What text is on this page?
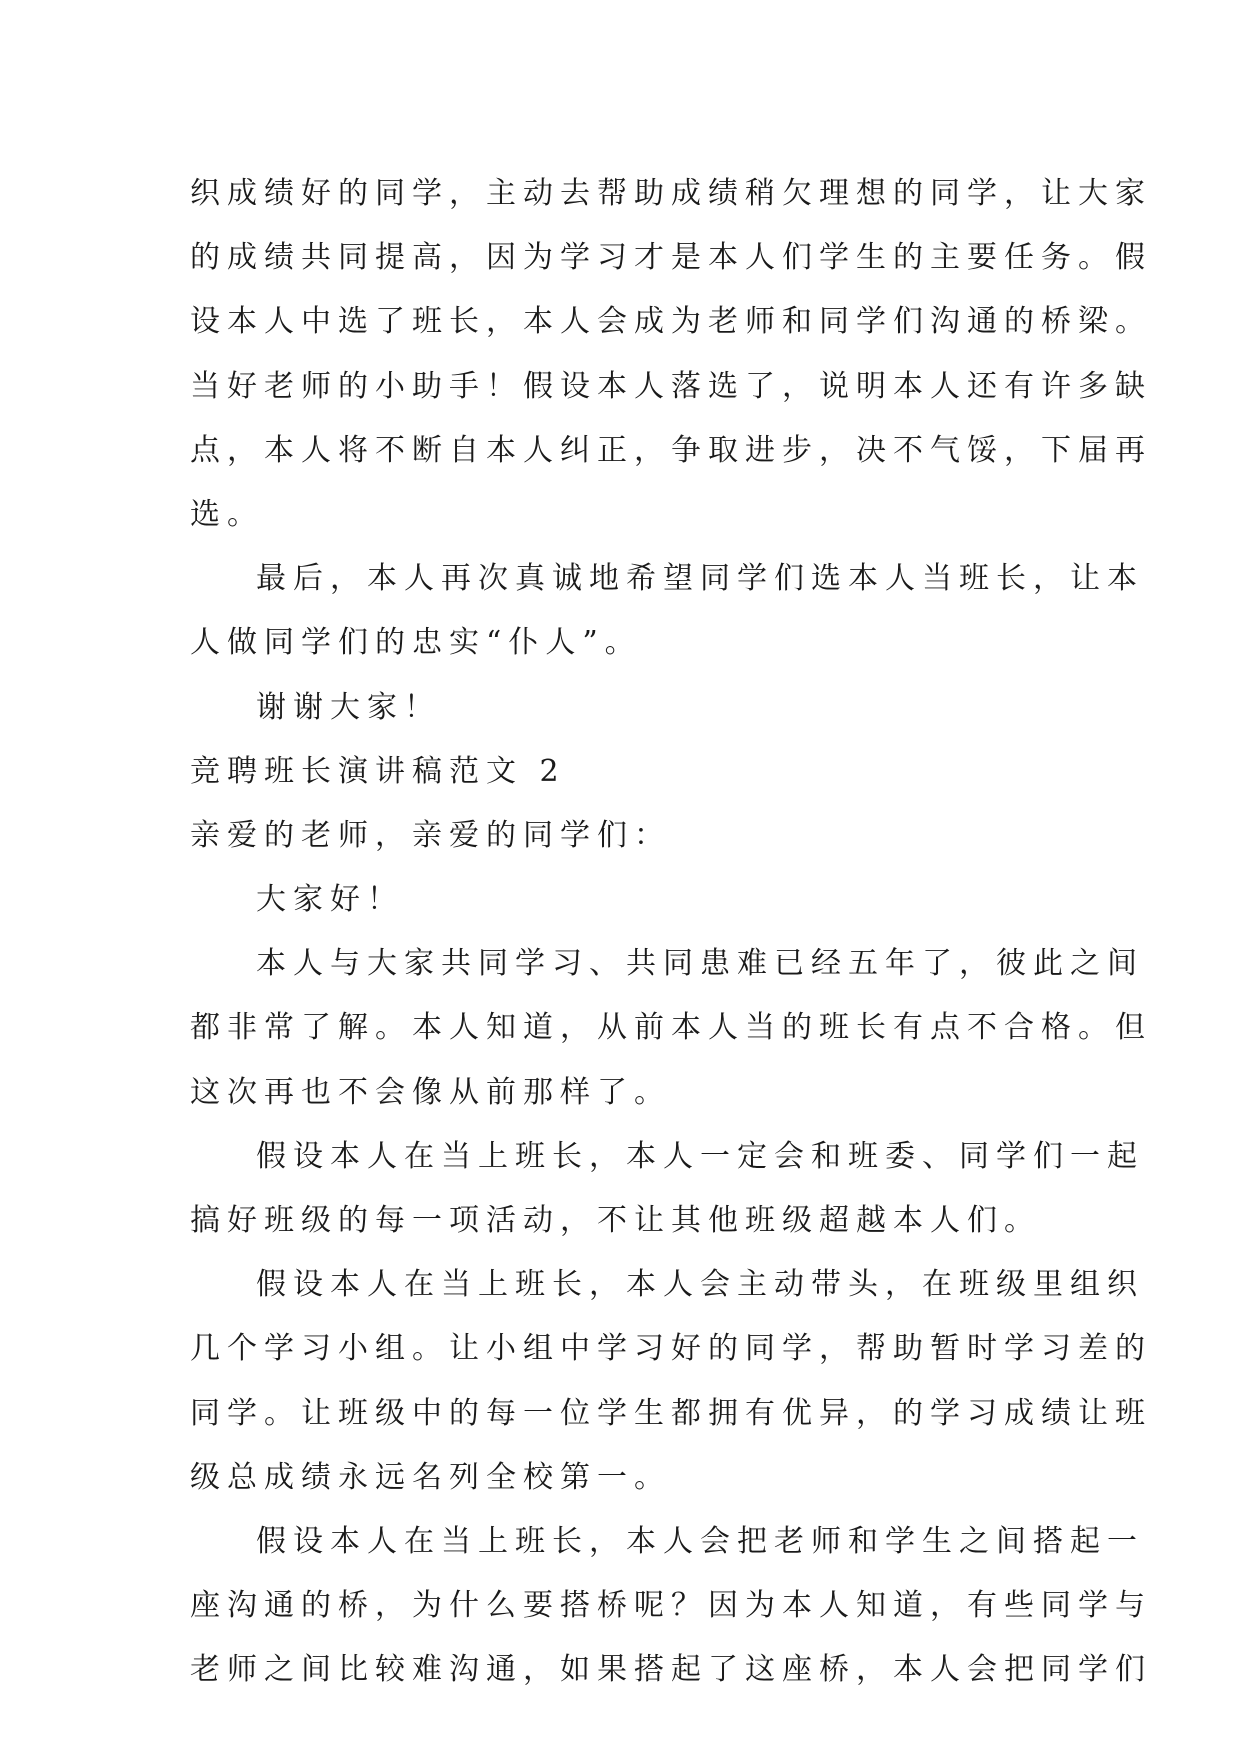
织成绩好的同学，主动去帮助成绩稍欠理想的同学，让大家
的成绩共同提高，因为学习才是本人们学生的主要任务。假
设本人中选了班长，本人会成为老师和同学们沟通的桥梁。
当好老师的小助手！假设本人落选了，说明本人还有许多缺
点，本人将不断自本人纠正，争取进步，决不气馁，下届再
选。
最后，本人再次真诚地希望同学们选本人当班长，让本
人做同学们的忠实“仆人”。
谢谢大家！
竞聘班长演讲稿范文 2
亲爱的老师，亲爱的同学们：
大家好！
本人与大家共同学习、共同患难已经五年了，彼此之间
都非常了解。本人知道，从前本人当的班长有点不合格。但
这次再也不会像从前那样了。
假设本人在当上班长，本人一定会和班委、同学们一起
搞好班级的每一项活动，不让其他班级超越本人们。
假设本人在当上班长，本人会主动带头，在班级里组织
几个学习小组。让小组中学习好的同学，帮助暂时学习差的
同学。让班级中的每一位学生都拥有优异，的学习成绩让班
级总成绩永远名列全校第一。
假设本人在当上班长，本人会把老师和学生之间搭起一
座沟通的桥，为什么要搭桥呢？因为本人知道，有些同学与
老师之间比较难沟通，如果搭起了这座桥，本人会把同学们
